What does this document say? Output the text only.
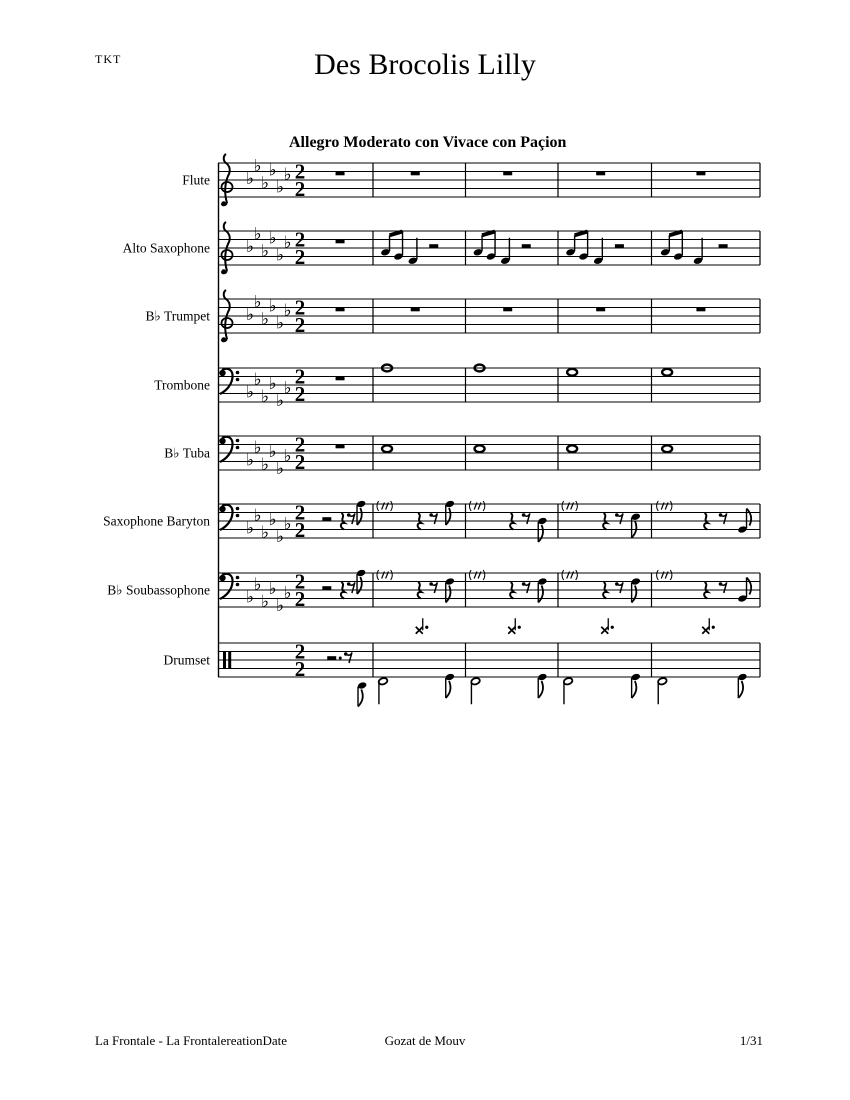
TKT	Des Brocolis Lilly
Allegro Moderato con Vivace con Paçion
Flute ♭
♭
♭
♭
♭
♭ 2
2
Alto Saxophone ♭
♭
♭
♭
♭
♭ 2
2
B♭ Trumpet ♭
♭
♭
♭
♭
♭ 2
2
Trombone ♭
♭
♭
♭
♭
♭ 2
2
B♭ Tuba ♭
♭
♭
♭
♭
♭ 2
2
Saxophone Baryton ♭
♭
♭
♭
♭
♭ 2
2
B♭ Soubassophone ♭
♭
♭
♭
♭
♭ 2
2
Drumset	2
2
La Frontale - La FrontalereationDate	Gozat de Mouv	1/31
